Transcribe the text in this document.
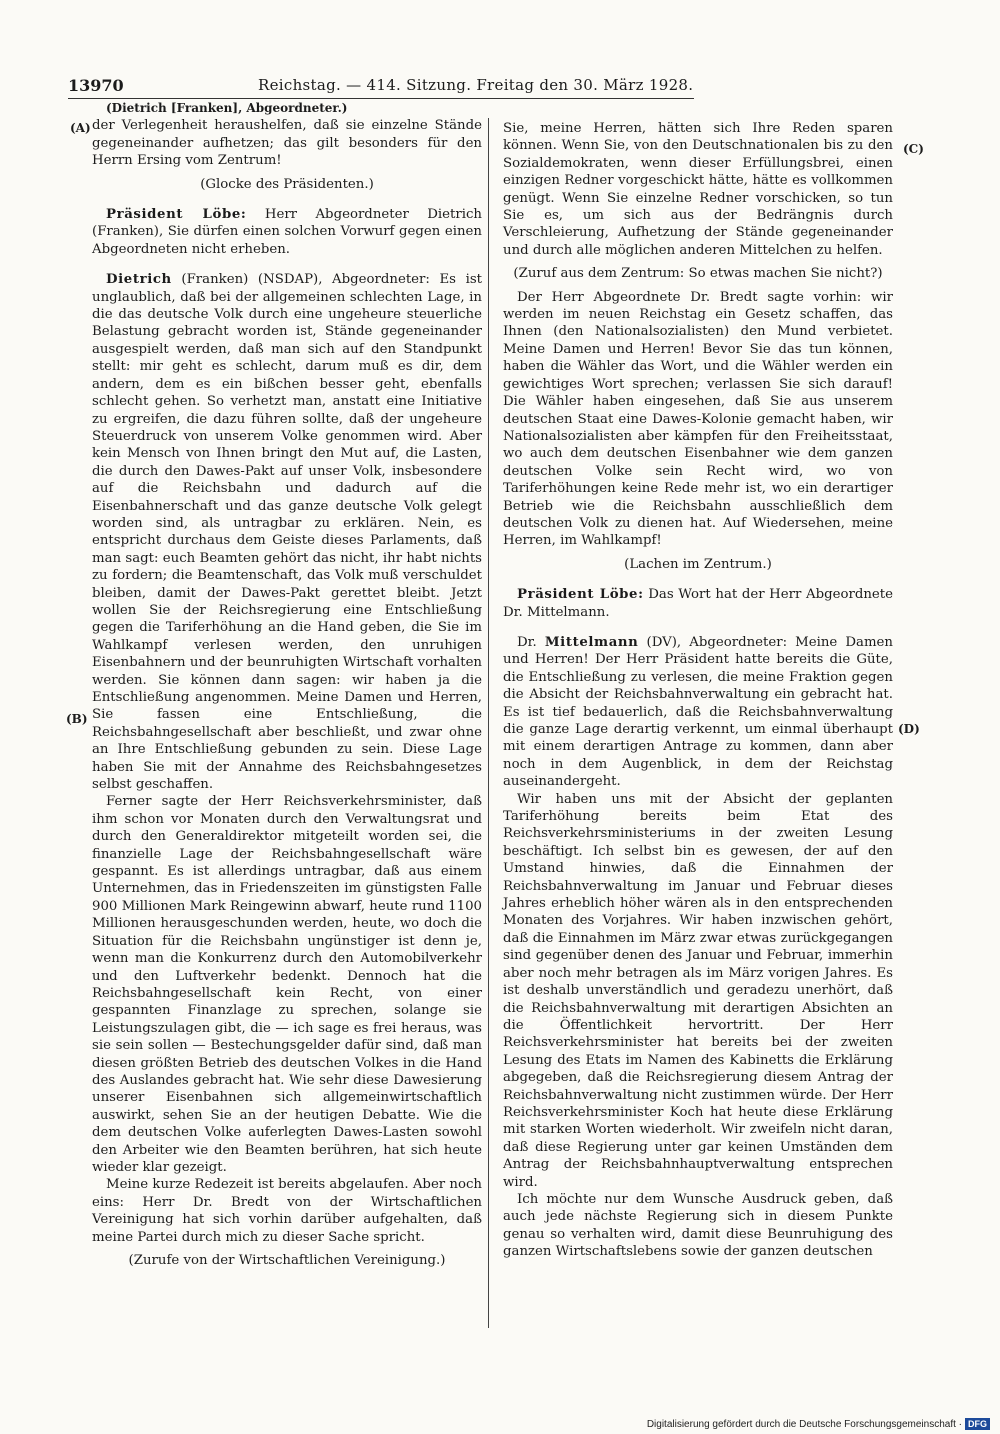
13970	Reichstag. — 414. Sitzung. Freitag den 30. März 1928.
(A)
(B)
(C)
(D)

(Dietrich [Franken], Abgeordneter.)

der Verlegenheit heraushelfen, daß sie einzelne Stände gegeneinander aufhetzen; das gilt besonders für den Herrn Ersing vom Zentrum!

(Glocke des Präsidenten.)

Präsident Löbe: Herr Abgeordneter Dietrich (Franken), Sie dürfen einen solchen Vorwurf gegen einen Abgeordneten nicht erheben.

Dietrich (Franken) (NSDAP), Abgeordneter: Es ist unglaublich, daß bei der allgemeinen schlechten Lage, in die das deutsche Volk durch eine ungeheure steuerliche Belastung gebracht worden ist, Stände gegeneinander ausgespielt werden, daß man sich auf den Standpunkt stellt: mir geht es schlecht, darum muß es dir, dem andern, dem es ein bißchen besser geht, ebenfalls schlecht gehen. So verhetzt man, anstatt eine Initiative zu ergreifen, die dazu führen sollte, daß der ungeheure Steuerdruck von unserem Volke genommen wird. Aber kein Mensch von Ihnen bringt den Mut auf, die Lasten, die durch den Dawes-Pakt auf unser Volk, insbesondere auf die Reichsbahn und dadurch auf die Eisenbahnerschaft und das ganze deutsche Volk gelegt worden sind, als untragbar zu erklären. Nein, es entspricht durchaus dem Geiste dieses Parlaments, daß man sagt: euch Beamten gehört das nicht, ihr habt nichts zu fordern; die Beamtenschaft, das Volk muß verschuldet bleiben, damit der Dawes-Pakt gerettet bleibt. Jetzt wollen Sie der Reichsregierung eine Entschließung gegen die Tariferhöhung an die Hand geben, die Sie im Wahlkampf verlesen werden, den unruhigen Eisenbahnern und der beunruhigten Wirtschaft vorhalten werden. Sie können dann sagen: wir haben ja die Entschließung angenommen. Meine Damen und Herren, Sie fassen eine Entschließung, die Reichsbahngesellschaft aber beschließt, und zwar ohne an Ihre Entschließung gebunden zu sein. Diese Lage haben Sie mit der Annahme des Reichsbahngesetzes selbst geschaffen.

Ferner sagte der Herr Reichsverkehrsminister, daß ihm schon vor Monaten durch den Verwaltungsrat und durch den Generaldirektor mitgeteilt worden sei, die finanzielle Lage der Reichsbahngesellschaft wäre gespannt. Es ist allerdings untragbar, daß aus einem Unternehmen, das in Friedenszeiten im günstigsten Falle 900 Millionen Mark Reingewinn abwarf, heute rund 1100 Millionen herausgeschunden werden, heute, wo doch die Situation für die Reichsbahn ungünstiger ist denn je, wenn man die Konkurrenz durch den Automobilverkehr und den Luftverkehr bedenkt. Dennoch hat die Reichsbahngesellschaft kein Recht, von einer gespannten Finanzlage zu sprechen, solange sie Leistungszulagen gibt, die — ich sage es frei heraus, was sie sein sollen — Bestechungsgelder dafür sind, daß man diesen größten Betrieb des deutschen Volkes in die Hand des Auslandes gebracht hat. Wie sehr diese Dawesierung unserer Eisenbahnen sich allgemeinwirtschaftlich auswirkt, sehen Sie an der heutigen Debatte. Wie die dem deutschen Volke auferlegten Dawes-Lasten sowohl den Arbeiter wie den Beamten berühren, hat sich heute wieder klar gezeigt.

Meine kurze Redezeit ist bereits abgelaufen. Aber noch eins: Herr Dr. Bredt von der Wirtschaftlichen Vereinigung hat sich vorhin darüber aufgehalten, daß meine Partei durch mich zu dieser Sache spricht.

(Zurufe von der Wirtschaftlichen Vereinigung.)

Sie, meine Herren, hätten sich Ihre Reden sparen können. Wenn Sie, von den Deutschnationalen bis zu den Sozialdemokraten, wenn dieser Erfüllungsbrei, einen einzigen Redner vorgeschickt hätte, hätte es vollkommen genügt. Wenn Sie einzelne Redner vorschicken, so tun Sie es, um sich aus der Bedrängnis durch Verschleierung, Aufhetzung der Stände gegeneinander und durch alle möglichen anderen Mittelchen zu helfen.

(Zuruf aus dem Zentrum: So etwas machen Sie nicht?)

Der Herr Abgeordnete Dr. Bredt sagte vorhin: wir werden im neuen Reichstag ein Gesetz schaffen, das Ihnen (den Nationalsozialisten) den Mund verbietet. Meine Damen und Herren! Bevor Sie das tun können, haben die Wähler das Wort, und die Wähler werden ein gewichtiges Wort sprechen; verlassen Sie sich darauf! Die Wähler haben eingesehen, daß Sie aus unserem deutschen Staat eine Dawes-Kolonie gemacht haben, wir Nationalsozialisten aber kämpfen für den Freiheitsstaat, wo auch dem deutschen Eisenbahner wie dem ganzen deutschen Volke sein Recht wird, wo von Tariferhöhungen keine Rede mehr ist, wo ein derartiger Betrieb wie die Reichsbahn ausschließlich dem deutschen Volk zu dienen hat. Auf Wiedersehen, meine Herren, im Wahlkampf!

(Lachen im Zentrum.)

Präsident Löbe: Das Wort hat der Herr Abgeordnete Dr. Mittelmann.

Dr. Mittelmann (DV), Abgeordneter: Meine Damen und Herren! Der Herr Präsident hatte bereits die Güte, die Entschließung zu verlesen, die meine Fraktion gegen die Absicht der Reichsbahnverwaltung ein gebracht hat. Es ist tief bedauerlich, daß die Reichsbahnverwaltung die ganze Lage derartig verkennt, um einmal überhaupt mit einem derartigen Antrage zu kommen, dann aber noch in dem Augenblick, in dem der Reichstag auseinandergeht.

Wir haben uns mit der Absicht der geplanten Tariferhöhung bereits beim Etat des Reichsverkehrsministeriums in der zweiten Lesung beschäftigt. Ich selbst bin es gewesen, der auf den Umstand hinwies, daß die Einnahmen der Reichsbahnverwaltung im Januar und Februar dieses Jahres erheblich höher wären als in den entsprechenden Monaten des Vorjahres. Wir haben inzwischen gehört, daß die Einnahmen im März zwar etwas zurückgegangen sind gegenüber denen des Januar und Februar, immerhin aber noch mehr betragen als im März vorigen Jahres. Es ist deshalb unverständlich und geradezu unerhört, daß die Reichsbahnverwaltung mit derartigen Absichten an die Öffentlichkeit hervortritt. Der Herr Reichsverkehrsminister hat bereits bei der zweiten Lesung des Etats im Namen des Kabinetts die Erklärung abgegeben, daß die Reichsregierung diesem Antrag der Reichsbahnverwaltung nicht zustimmen würde. Der Herr Reichsverkehrsminister Koch hat heute diese Erklärung mit starken Worten wiederholt. Wir zweifeln nicht daran, daß diese Regierung unter gar keinen Umständen dem Antrag der Reichsbahnhauptverwaltung entsprechen wird.

Ich möchte nur dem Wunsche Ausdruck geben, daß auch jede nächste Regierung sich in diesem Punkte genau so verhalten wird, damit diese Beunruhigung des ganzen Wirtschaftslebens sowie der ganzen deutschen

Digitalisierung gefördert durch die Deutsche Forschungsgemeinschaft · DFG
